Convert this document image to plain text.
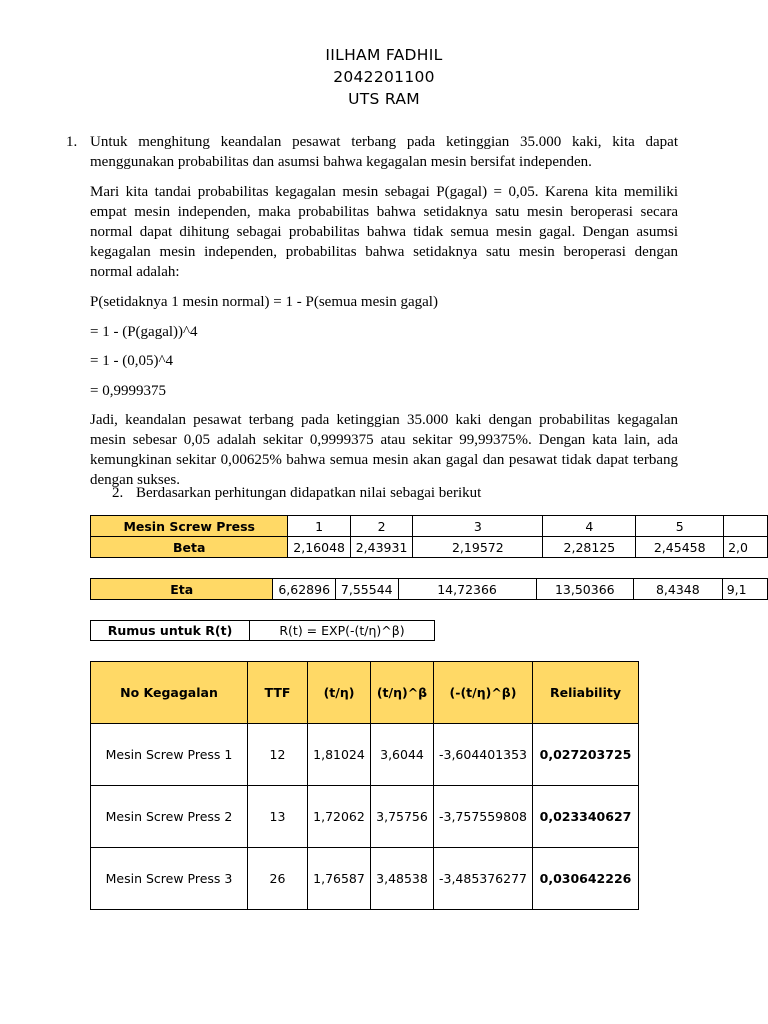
IILHAM FADHIL
2042201100
UTS RAM
1. Untuk menghitung keandalan pesawat terbang pada ketinggian 35.000 kaki, kita dapat menggunakan probabilitas dan asumsi bahwa kegagalan mesin bersifat independen.

Mari kita tandai probabilitas kegagalan mesin sebagai P(gagal) = 0,05. Karena kita memiliki empat mesin independen, maka probabilitas bahwa setidaknya satu mesin beroperasi secara normal dapat dihitung sebagai probabilitas bahwa tidak semua mesin gagal. Dengan asumsi kegagalan mesin independen, probabilitas bahwa setidaknya satu mesin beroperasi dengan normal adalah:

P(setidaknya 1 mesin normal) = 1 - P(semua mesin gagal)

= 1 - (P(gagal))^4

= 1 - (0,05)^4

= 0,9999375

Jadi, keandalan pesawat terbang pada ketinggian 35.000 kaki dengan probabilitas kegagalan mesin sebesar 0,05 adalah sekitar 0,9999375 atau sekitar 99,99375%. Dengan kata lain, ada kemungkinan sekitar 0,00625% bahwa semua mesin akan gagal dan pesawat tidak dapat terbang dengan sukses.

2. Berdasarkan perhitungan didapatkan nilai sebagai berikut
Mesin Screw Press	1	2	3	4	5	
Beta	2,16048	2,43931	2,19572	2,28125	2,45458	2,0
Eta	6,62896	7,55544	14,72366	13,50366	8,4348	9,1
Rumus untuk R(t)	R(t) = EXP(-(t/η)^β)
No Kegagalan	TTF	(t/η)	(t/η)^β	(-(t/η)^β)	Reliability
Mesin Screw Press 1	12	1,81024	3,6044	-3,604401353	0,027203725
Mesin Screw Press 2	13	1,72062	3,75756	-3,757559808	0,023340627
Mesin Screw Press 3	26	1,76587	3,48538	-3,485376277	0,030642226
